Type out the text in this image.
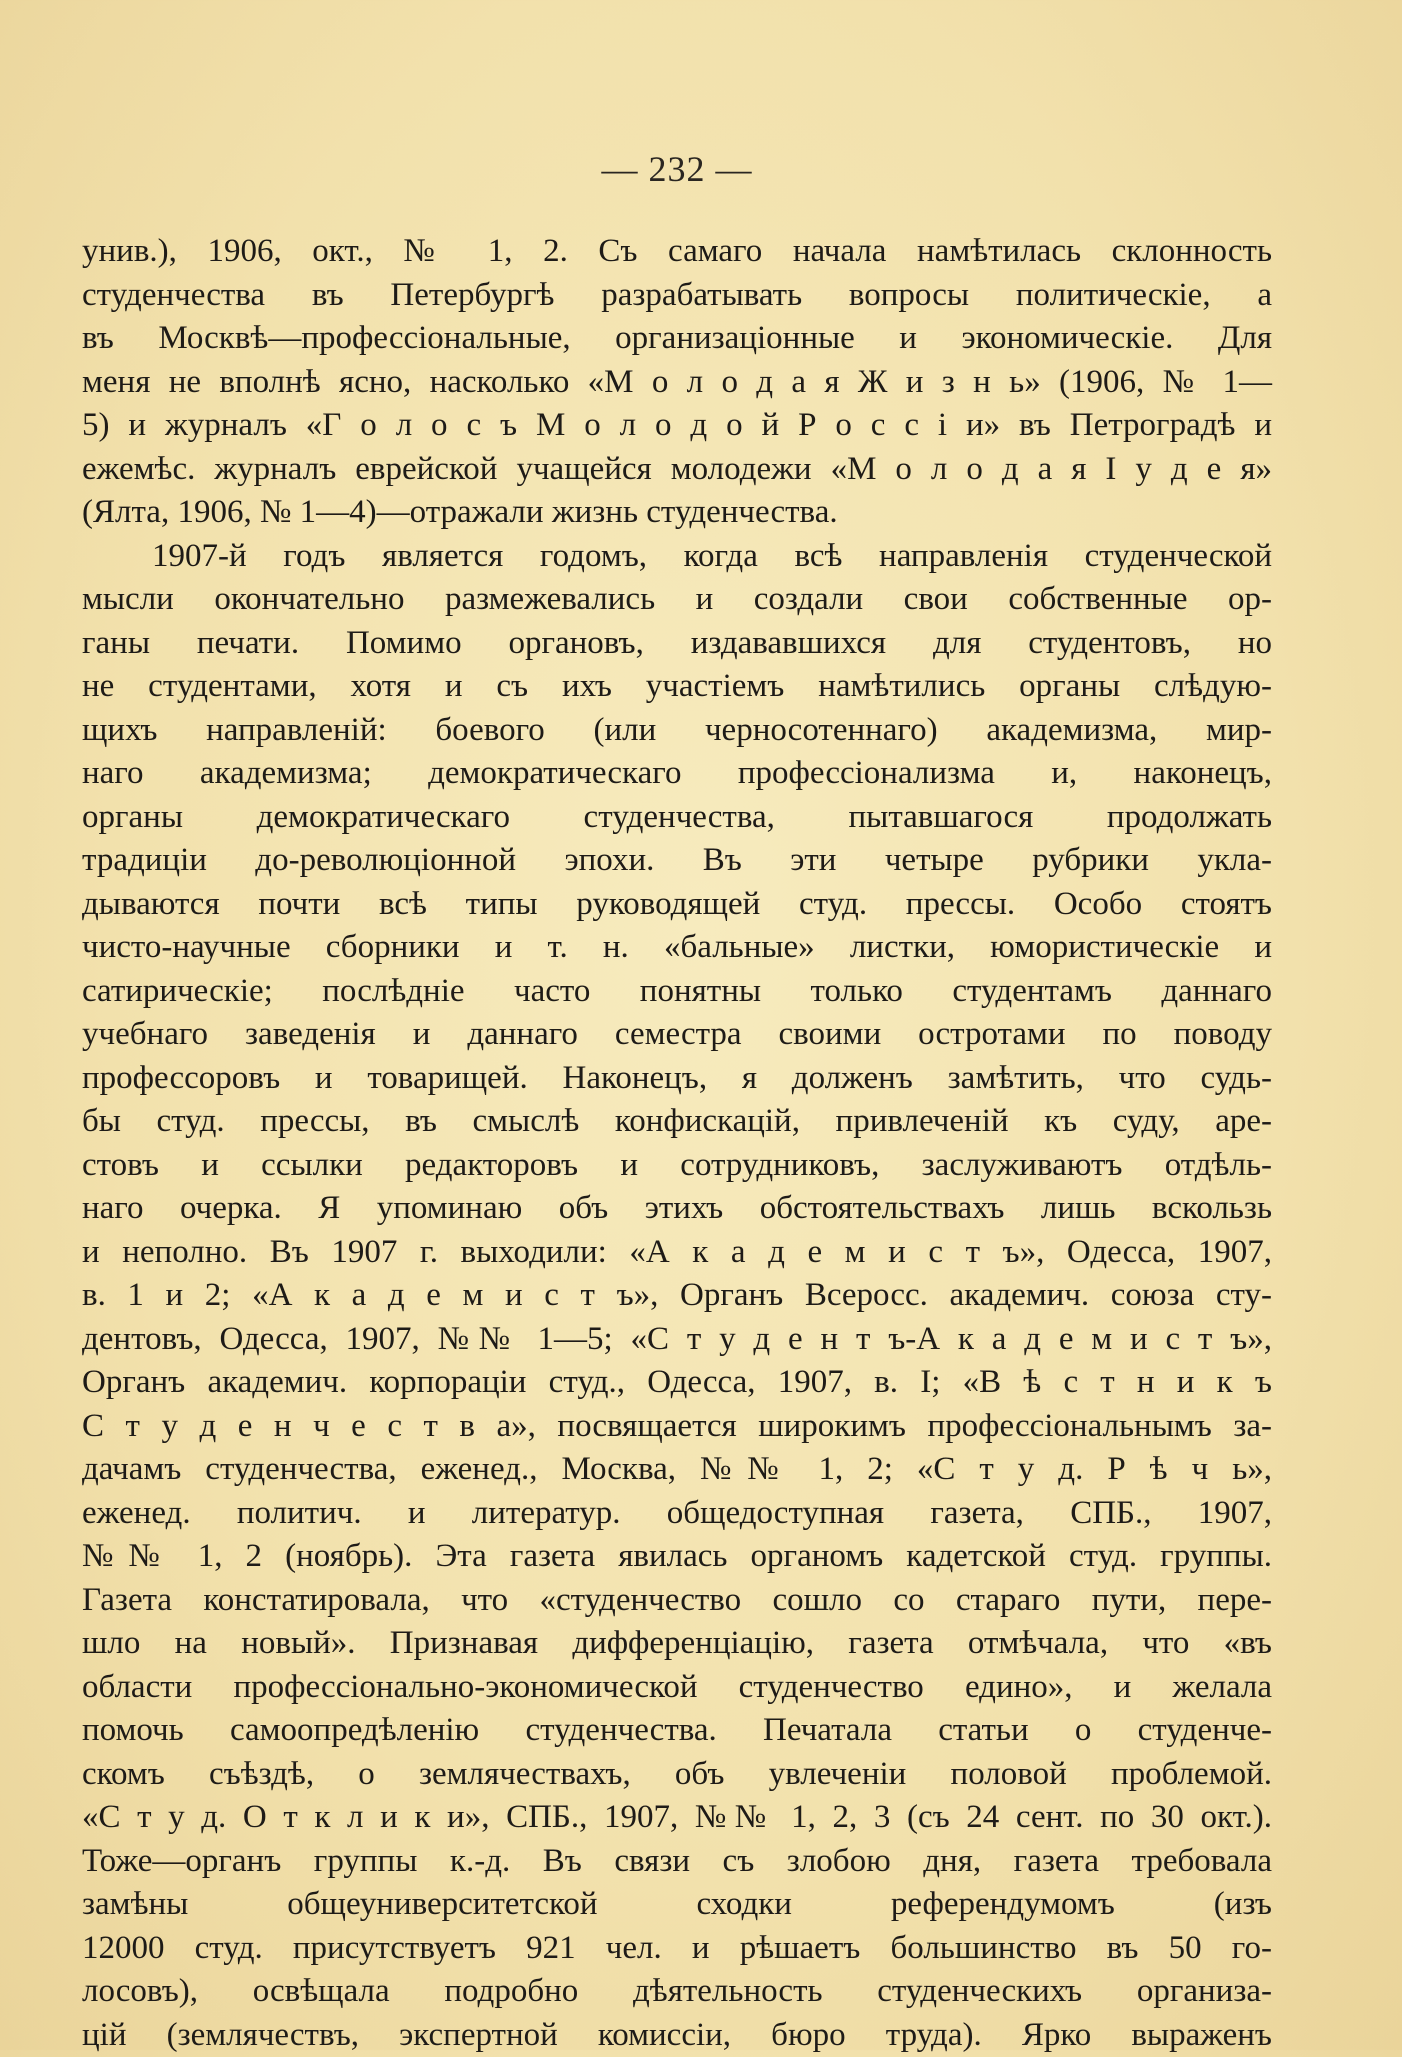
— 232 —
унив.), 1906, окт., № 1, 2. Съ самаго начала намѣтилась склонность
студенчества въ Петербургѣ разрабатывать вопросы политическіе, а
въ Москвѣ—профессіональные, организаціонные и экономическіе. Для
меня не вполнѣ ясно, насколько «М о л о д а я Ж и з н ь» (1906, № 1—
5) и журналъ «Г о л о с ъ М о л о д о й Р о с с і и» въ Петроградѣ и
ежемѣс. журналъ еврейской учащейся молодежи «М о л о д а я І у д е я»
(Ялта, 1906, № 1—4)—отражали жизнь студенчества.
1907-й годъ является годомъ, когда всѣ направленія студенческой
мысли окончательно размежевались и создали свои собственные ор-
ганы печати. Помимо органовъ, издававшихся для студентовъ, но
не студентами, хотя и съ ихъ участіемъ намѣтились органы слѣдую-
щихъ направленій: боевого (или черносотеннаго) академизма, мир-
наго академизма; демократическаго профессіонализма и, наконецъ,
органы демократическаго студенчества, пытавшагося продолжать
традиціи до-революціонной эпохи. Въ эти четыре рубрики укла-
дываются почти всѣ типы руководящей студ. прессы. Особо стоятъ
чисто-научные сборники и т. н. «бальные» листки, юмористическіе и
сатирическіе; послѣдніе часто понятны только студентамъ даннаго
учебнаго заведенія и даннаго семестра своими остротами по поводу
профессоровъ и товарищей. Наконецъ, я долженъ замѣтить, что судь-
бы студ. прессы, въ смыслѣ конфискацій, привлеченій къ суду, аре-
стовъ и ссылки редакторовъ и сотрудниковъ, заслуживаютъ отдѣль-
наго очерка. Я упоминаю объ этихъ обстоятельствахъ лишь вскользь
и неполно. Въ 1907 г. выходили: «А к а д е м и с т ъ», Одесса, 1907,
в. 1 и 2; «А к а д е м и с т ъ», Органъ Всеросс. академич. союза сту-
дентовъ, Одесса, 1907, №№ 1—5; «С т у д е н т ъ-А к а д е м и с т ъ»,
Органъ академич. корпораціи студ., Одесса, 1907, в. I; «В ѣ с т н и к ъ
С т у д е н ч е с т в а», посвящается широкимъ профессіональнымъ за-
дачамъ студенчества, еженед., Москва, №№ 1, 2; «С т у д. Р ѣ ч ь»,
еженед. политич. и литератур. общедоступная газета, СПБ., 1907,
№№ 1, 2 (ноябрь). Эта газета явилась органомъ кадетской студ. группы.
Газета констатировала, что «студенчество сошло со стараго пути, пере-
шло на новый». Признавая дифференціацію, газета отмѣчала, что «въ
области профессіонально-экономической студенчество едино», и желала
помочь самоопредѣленію студенчества. Печатала статьи о студенче-
скомъ съѣздѣ, о землячествахъ, объ увлеченіи половой проблемой.
«С т у д. О т к л и к и», СПБ., 1907, №№ 1, 2, 3 (съ 24 сент. по 30 окт.).
Тоже—органъ группы к.-д. Въ связи съ злобою дня, газета требовала
замѣны общеуниверситетской сходки референдумомъ (изъ
12000 студ. присутствуетъ 921 чел. и рѣшаетъ большинство въ 50 го-
лосовъ), освѣщала подробно дѣятельность студенческихъ организа-
цій (землячествъ, экспертной комиссіи, бюро труда). Ярко выраженъ
